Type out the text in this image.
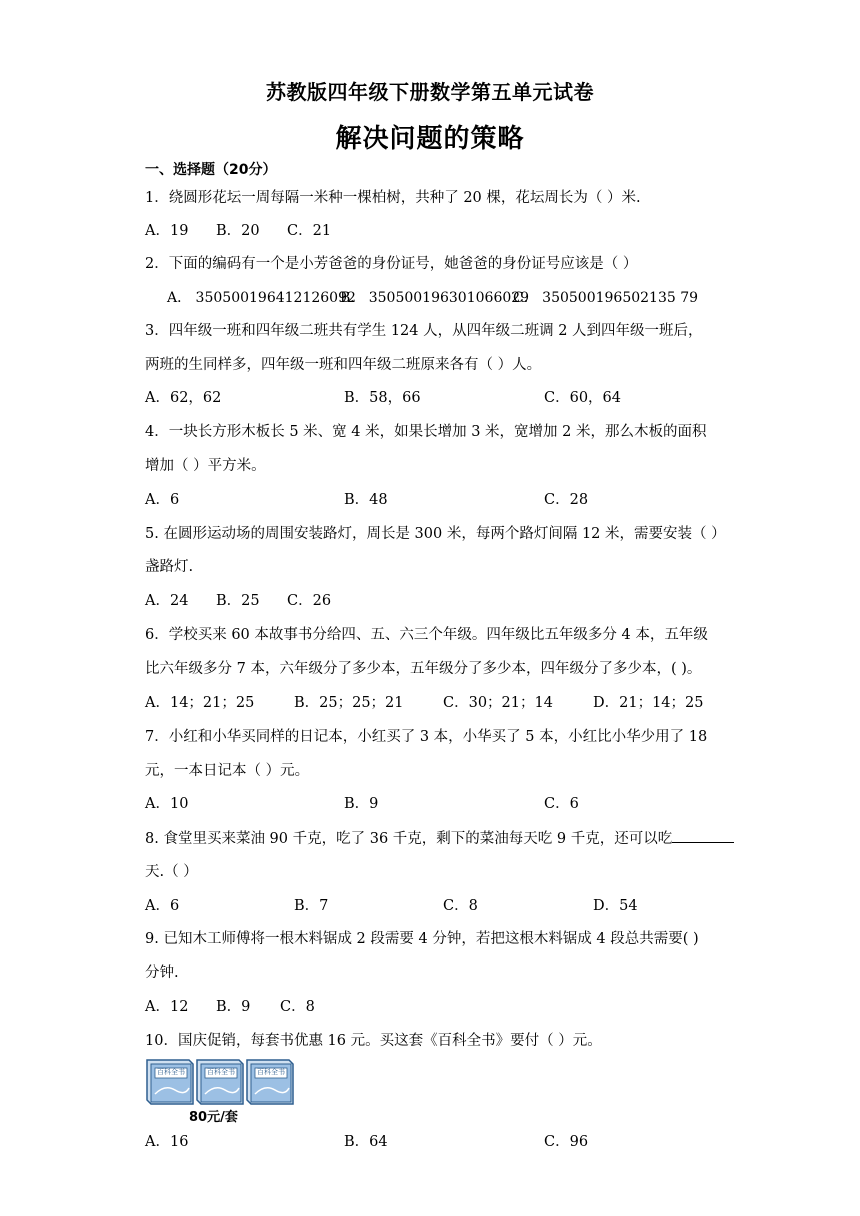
苏教版四年级下册数学第五单元试卷
解决问题的策略
一、选择题（20分）
1．绕圆形花坛一周每隔一米种一棵柏树，共种了 20 棵，花坛周长为（ ）米.
A．19 B．20 C．21
2．下面的编码有一个是小芳爸爸的身份证号，她爸爸的身份证号应该是（ ）
A． 350500196412126092
B． 350500196301066029
C． 350500196502135 79
3．四年级一班和四年级二班共有学生 124 人，从四年级二班调 2 人到四年级一班后，
两班的生同样多，四年级一班和四年级二班原来各有（ ）人。
A．62，62	B．58，66	C．60，64
4．一块长方形木板长 5 米、宽 4 米，如果长增加 3 米，宽增加 2 米，那么木板的面积
增加（ ）平方米。
A．6	B．48	C．28
5. 在圆形运动场的周围安装路灯，周长是 300 米，每两个路灯间隔 12 米，需要安装（ ）
盏路灯.
A．24 B．25 C．26
6．学校买来 60 本故事书分给四、五、六三个年级。四年级比五年级多分 4 本，五年级
比六年级多分 7 本，六年级分了多少本，五年级分了多少本，四年级分了多少本，( )。
A．14；21；25	B．25；25；21	C．30；21；14	D．21；14；25
7．小红和小华买同样的日记本，小红买了 3 本，小华买了 5 本，小红比小华少用了 18
元，一本日记本（ ）元。
A．10	B．9	C．6
8. 食堂里买来菜油 90 千克，吃了 36 千克，剩下的菜油每天吃 9 千克，还可以吃
天.（ ）
A．6	B．7	C．8	D．54
9. 已知木工师傅将一根木料锯成 2 段需要 4 分钟，若把这根木料锯成 4 段总共需要( )
分钟.
A．12 B．9 C．8
10．国庆促销，每套书优惠 16 元。买这套《百科全书》要付（ ）元。
百科全书	百科全书	百科全书
80元/套
A．16	B．64	C．96
